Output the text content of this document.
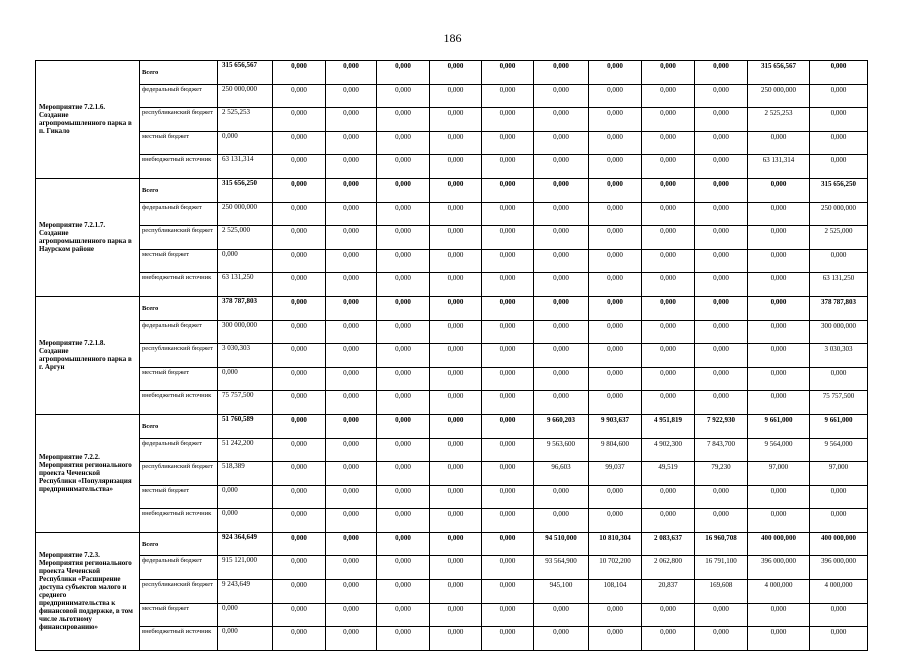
186
Мероприятие 7.2.1.6. Создание агропромышленного парка в п. Гикало	Всего	315 656,567	0,000	0,000	0,000	0,000	0,000	0,000	0,000	0,000	0,000	315 656,567	0,000
	федеральный бюджет	250 000,000	0,000	0,000	0,000	0,000	0,000	0,000	0,000	0,000	0,000	250 000,000	0,000
	республиканский бюджет	2 525,253	0,000	0,000	0,000	0,000	0,000	0,000	0,000	0,000	0,000	2 525,253	0,000
	местный бюджет	0,000	0,000	0,000	0,000	0,000	0,000	0,000	0,000	0,000	0,000	0,000	0,000
	внебюджетный источник	63 131,314	0,000	0,000	0,000	0,000	0,000	0,000	0,000	0,000	0,000	63 131,314	0,000
Мероприятие 7.2.1.7. Создание агропромышленного парка в Наурском районе	Всего	315 656,250	0,000	0,000	0,000	0,000	0,000	0,000	0,000	0,000	0,000	0,000	315 656,250
	федеральный бюджет	250 000,000	0,000	0,000	0,000	0,000	0,000	0,000	0,000	0,000	0,000	0,000	250 000,000
	республиканский бюджет	2 525,000	0,000	0,000	0,000	0,000	0,000	0,000	0,000	0,000	0,000	0,000	2 525,000
	местный бюджет	0,000	0,000	0,000	0,000	0,000	0,000	0,000	0,000	0,000	0,000	0,000	0,000
	внебюджетный источник	63 131,250	0,000	0,000	0,000	0,000	0,000	0,000	0,000	0,000	0,000	0,000	63 131,250
Мероприятие 7.2.1.8. Создание агропромышленного парка в г. Аргун	Всего	378 787,803	0,000	0,000	0,000	0,000	0,000	0,000	0,000	0,000	0,000	0,000	378 787,803
	федеральный бюджет	300 000,000	0,000	0,000	0,000	0,000	0,000	0,000	0,000	0,000	0,000	0,000	300 000,000
	республиканский бюджет	3 030,303	0,000	0,000	0,000	0,000	0,000	0,000	0,000	0,000	0,000	0,000	3 030,303
	местный бюджет	0,000	0,000	0,000	0,000	0,000	0,000	0,000	0,000	0,000	0,000	0,000	0,000
	внебюджетный источник	75 757,500	0,000	0,000	0,000	0,000	0,000	0,000	0,000	0,000	0,000	0,000	75 757,500
Мероприятие 7.2.2. Мероприятия регионального проекта Чеченской Республики «Популяризация предпринимательства»	Всего	51 760,589	0,000	0,000	0,000	0,000	0,000	9 660,203	9 903,637	4 951,819	7 922,930	9 661,000	9 661,000
	федеральный бюджет	51 242,200	0,000	0,000	0,000	0,000	0,000	9 563,600	9 804,600	4 902,300	7 843,700	9 564,000	9 564,000
	республиканский бюджет	518,389	0,000	0,000	0,000	0,000	0,000	96,603	99,037	49,519	79,230	97,000	97,000
	местный бюджет	0,000	0,000	0,000	0,000	0,000	0,000	0,000	0,000	0,000	0,000	0,000	0,000
	внебюджетный источник	0,000	0,000	0,000	0,000	0,000	0,000	0,000	0,000	0,000	0,000	0,000	0,000
Мероприятие 7.2.3. Мероприятия регионального проекта Чеченской Республики «Расширение доступа субъектов малого и среднего предпринимательства к финансовой поддержке, в том числе льготному финансированию»	Всего	924 364,649	0,000	0,000	0,000	0,000	0,000	94 510,000	10 810,304	2 083,637	16 960,708	400 000,000	400 000,000
	федеральный бюджет	915 121,000	0,000	0,000	0,000	0,000	0,000	93 564,900	10 702,200	2 062,800	16 791,100	396 000,000	396 000,000
	республиканский бюджет	9 243,649	0,000	0,000	0,000	0,000	0,000	945,100	108,104	20,837	169,608	4 000,000	4 000,000
	местный бюджет	0,000	0,000	0,000	0,000	0,000	0,000	0,000	0,000	0,000	0,000	0,000	0,000
	внебюджетный источник	0,000	0,000	0,000	0,000	0,000	0,000	0,000	0,000	0,000	0,000	0,000	0,000
